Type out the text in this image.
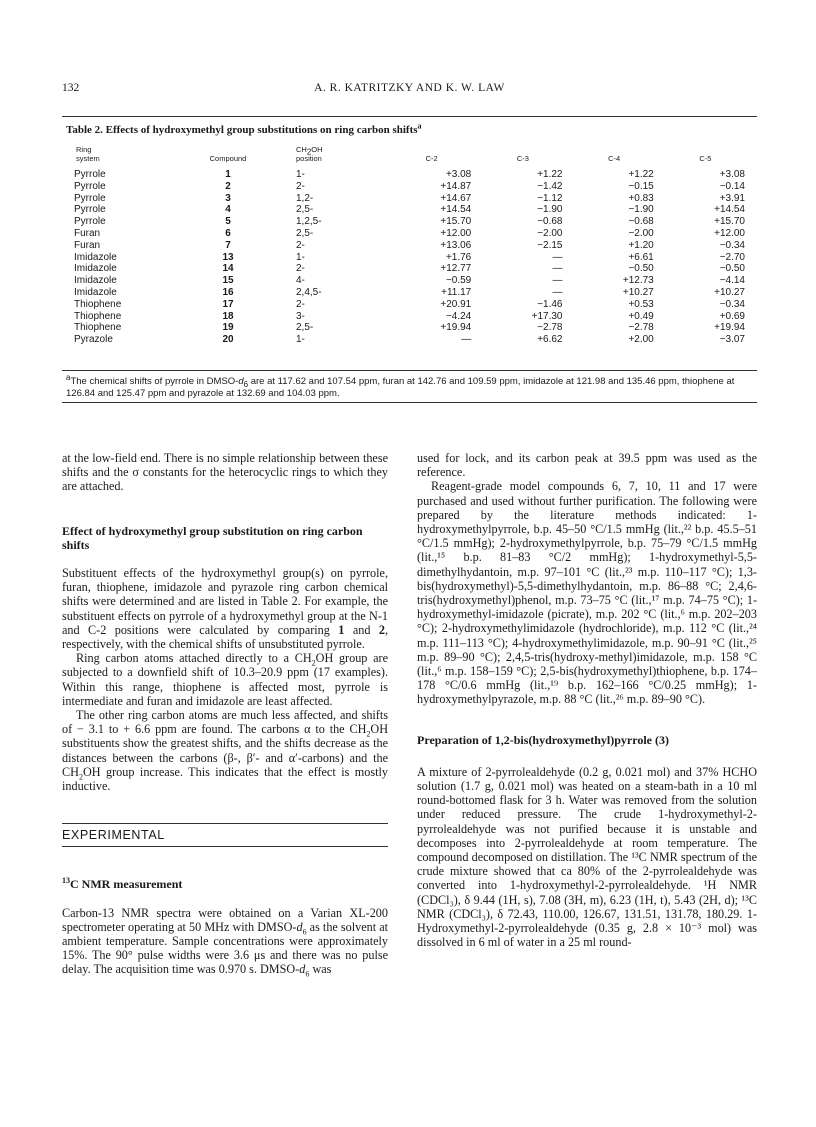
132	A. R. KATRITZKY AND K. W. LAW
Table 2. Effects of hydroxymethyl group substitutions on ring carbon shifts$^a$
Ring
system	Compound	$CH_2OH$
position	C-2	C-3	C-4	C-5
Pyrrole	1	1-	+3.08	+1.22	+1.22	+3.08
Pyrrole	2	2-	+14.87	−1.42	−0.15	−0.14
Pyrrole	3	1,2-	+14.67	−1.12	+0.83	+3.91
Pyrrole	4	2,5-	+14.54	−1.90	−1.90	+14.54
Pyrrole	5	1,2,5-	+15.70	−0.68	−0.68	+15.70
Furan	6	2,5-	+12.00	−2.00	−2.00	+12.00
Furan	7	2-	+13.06	−2.15	+1.20	−0.34
Imidazole	13	1-	+1.76	—	+6.61	−2.70
Imidazole	14	2-	+12.77	—	−0.50	−0.50
Imidazole	15	4-	−0.59	—	+12.73	−4.14
Imidazole	16	2,4,5-	+11.17	—	+10.27	+10.27
Thiophene	17	2-	+20.91	−1.46	+0.53	−0.34
Thiophene	18	3-	−4.24	+17.30	+0.49	+0.69
Thiophene	19	2,5-	+19.94	−2.78	−2.78	+19.94
Pyrazole	20	1-	—	+6.62	+2.00	−3.07
$^a$The chemical shifts of pyrrole in DMSO-$d_6$ are at 117.62 and 107.54 ppm, furan at 142.76 and 109.59 ppm, imidazole at 121.98 and 135.46 ppm, thiophene at 126.84 and 125.47 ppm and pyrazole at 132.69 and 104.03 ppm.

at the low-field end. There is no simple relationship between these shifts and the σ constants for the heterocyclic rings to which they are attached.

Effect of hydroxymethyl group substitution on ring carbon shifts

Substituent effects of the hydroxymethyl group(s) on pyrrole, furan, thiophene, imidazole and pyrazole ring carbon chemical shifts were determined and are listed in Table 2. For example, the substituent effects on pyrrole of a hydroxymethyl group at the N-1 and C-2 positions were calculated by comparing 1 and 2, respectively, with the chemical shifts of unsubstituted pyrrole.

Ring carbon atoms attached directly to a $CH_2OH$ group are subjected to a downfield shift of 10.3–20.9 ppm (17 examples). Within this range, thiophene is affected most, pyrrole is intermediate and furan and imidazole are least affected.

The other ring carbon atoms are much less affected, and shifts of − 3.1 to + 6.6 ppm are found. The carbons α to the $CH_2OH$ substituents show the greatest shifts, and the shifts decrease as the distances between the carbons (β-, β′- and α′-carbons) and the $CH_2OH$ group increase. This indicates that the effect is mostly inductive.

EXPERIMENTAL

$^{13}$C NMR measurement

Carbon-13 NMR spectra were obtained on a Varian XL-200 spectrometer operating at 50 MHz with DMSO-$d_6$ as the solvent at ambient temperature. Sample concentrations were approximately 15%. The 90° pulse widths were 3.6 μs and there was no pulse delay. The acquisition time was 0.970 s. DMSO-$d_6$ was

used for lock, and its carbon peak at 39.5 ppm was used as the reference.

Reagent-grade model compounds 6, 7, 10, 11 and 17 were purchased and used without further purification. The following were prepared by the literature methods indicated: 1-hydroxymethylpyrrole, b.p. 45–50 °C/1.5 mmHg (lit.,²² b.p. 45.5–51 °C/1.5 mmHg); 2-hydroxymethylpyrrole, b.p. 75–79 °C/1.5 mmHg (lit.,¹⁵ b.p. 81–83 °C/2 mmHg); 1-hydroxymethyl-5,5-dimethylhydantoin, m.p. 97–101 °C (lit.,²³ m.p. 110–117 °C); 1,3-bis(hydroxymethyl)-5,5-dimethylhydantoin, m.p. 86–88 °C; 2,4,6-tris(hydroxymethyl)phenol, m.p. 73–75 °C (lit.,¹⁷ m.p. 74–75 °C); 1-hydroxymethyl-imidazole (picrate), m.p. 202 °C (lit.,⁶ m.p. 202–203 °C); 2-hydroxymethylimidazole (hydrochloride), m.p. 112 °C (lit.,²⁴ m.p. 111–113 °C); 4-hydroxymethylimidazole, m.p. 90–91 °C (lit.,²⁵ m.p. 89–90 °C); 2,4,5-tris(hydroxy-methyl)imidazole, m.p. 158 °C (lit.,⁶ m.p. 158–159 °C); 2,5-bis(hydroxymethyl)thiophene, b.p. 174–178 °C/0.6 mmHg (lit.,¹⁹ b.p. 162–166 °C/0.25 mmHg); 1-hydroxymethylpyrazole, m.p. 88 °C (lit.,²⁶ m.p. 89–90 °C).

Preparation of 1,2-bis(hydroxymethyl)pyrrole (3)

A mixture of 2-pyrrolealdehyde (0.2 g, 0.021 mol) and 37% HCHO solution (1.7 g, 0.021 mol) was heated on a steam-bath in a 10 ml round-bottomed flask for 3 h. Water was removed from the solution under reduced pressure. The crude 1-hydroxymethyl-2-pyrrolealdehyde was not purified because it is unstable and decomposes into 2-pyrrolealdehyde at room temperature. The compound decomposed on distillation. The ¹³C NMR spectrum of the crude mixture showed that ca 80% of the 2-pyrrolealdehyde was converted into 1-hydroxymethyl-2-pyrrolealdehyde. ¹H NMR (CDCl₃), δ 9.44 (1H, s), 7.08 (3H, m), 6.23 (1H, t), 5.43 (2H, d); ¹³C NMR (CDCl₃), δ 72.43, 110.00, 126.67, 131.51, 131.78, 180.29. 1-Hydroxymethyl-2-pyrrolealdehyde (0.35 g, 2.8 × 10⁻³ mol) was dissolved in 6 ml of water in a 25 ml round-
